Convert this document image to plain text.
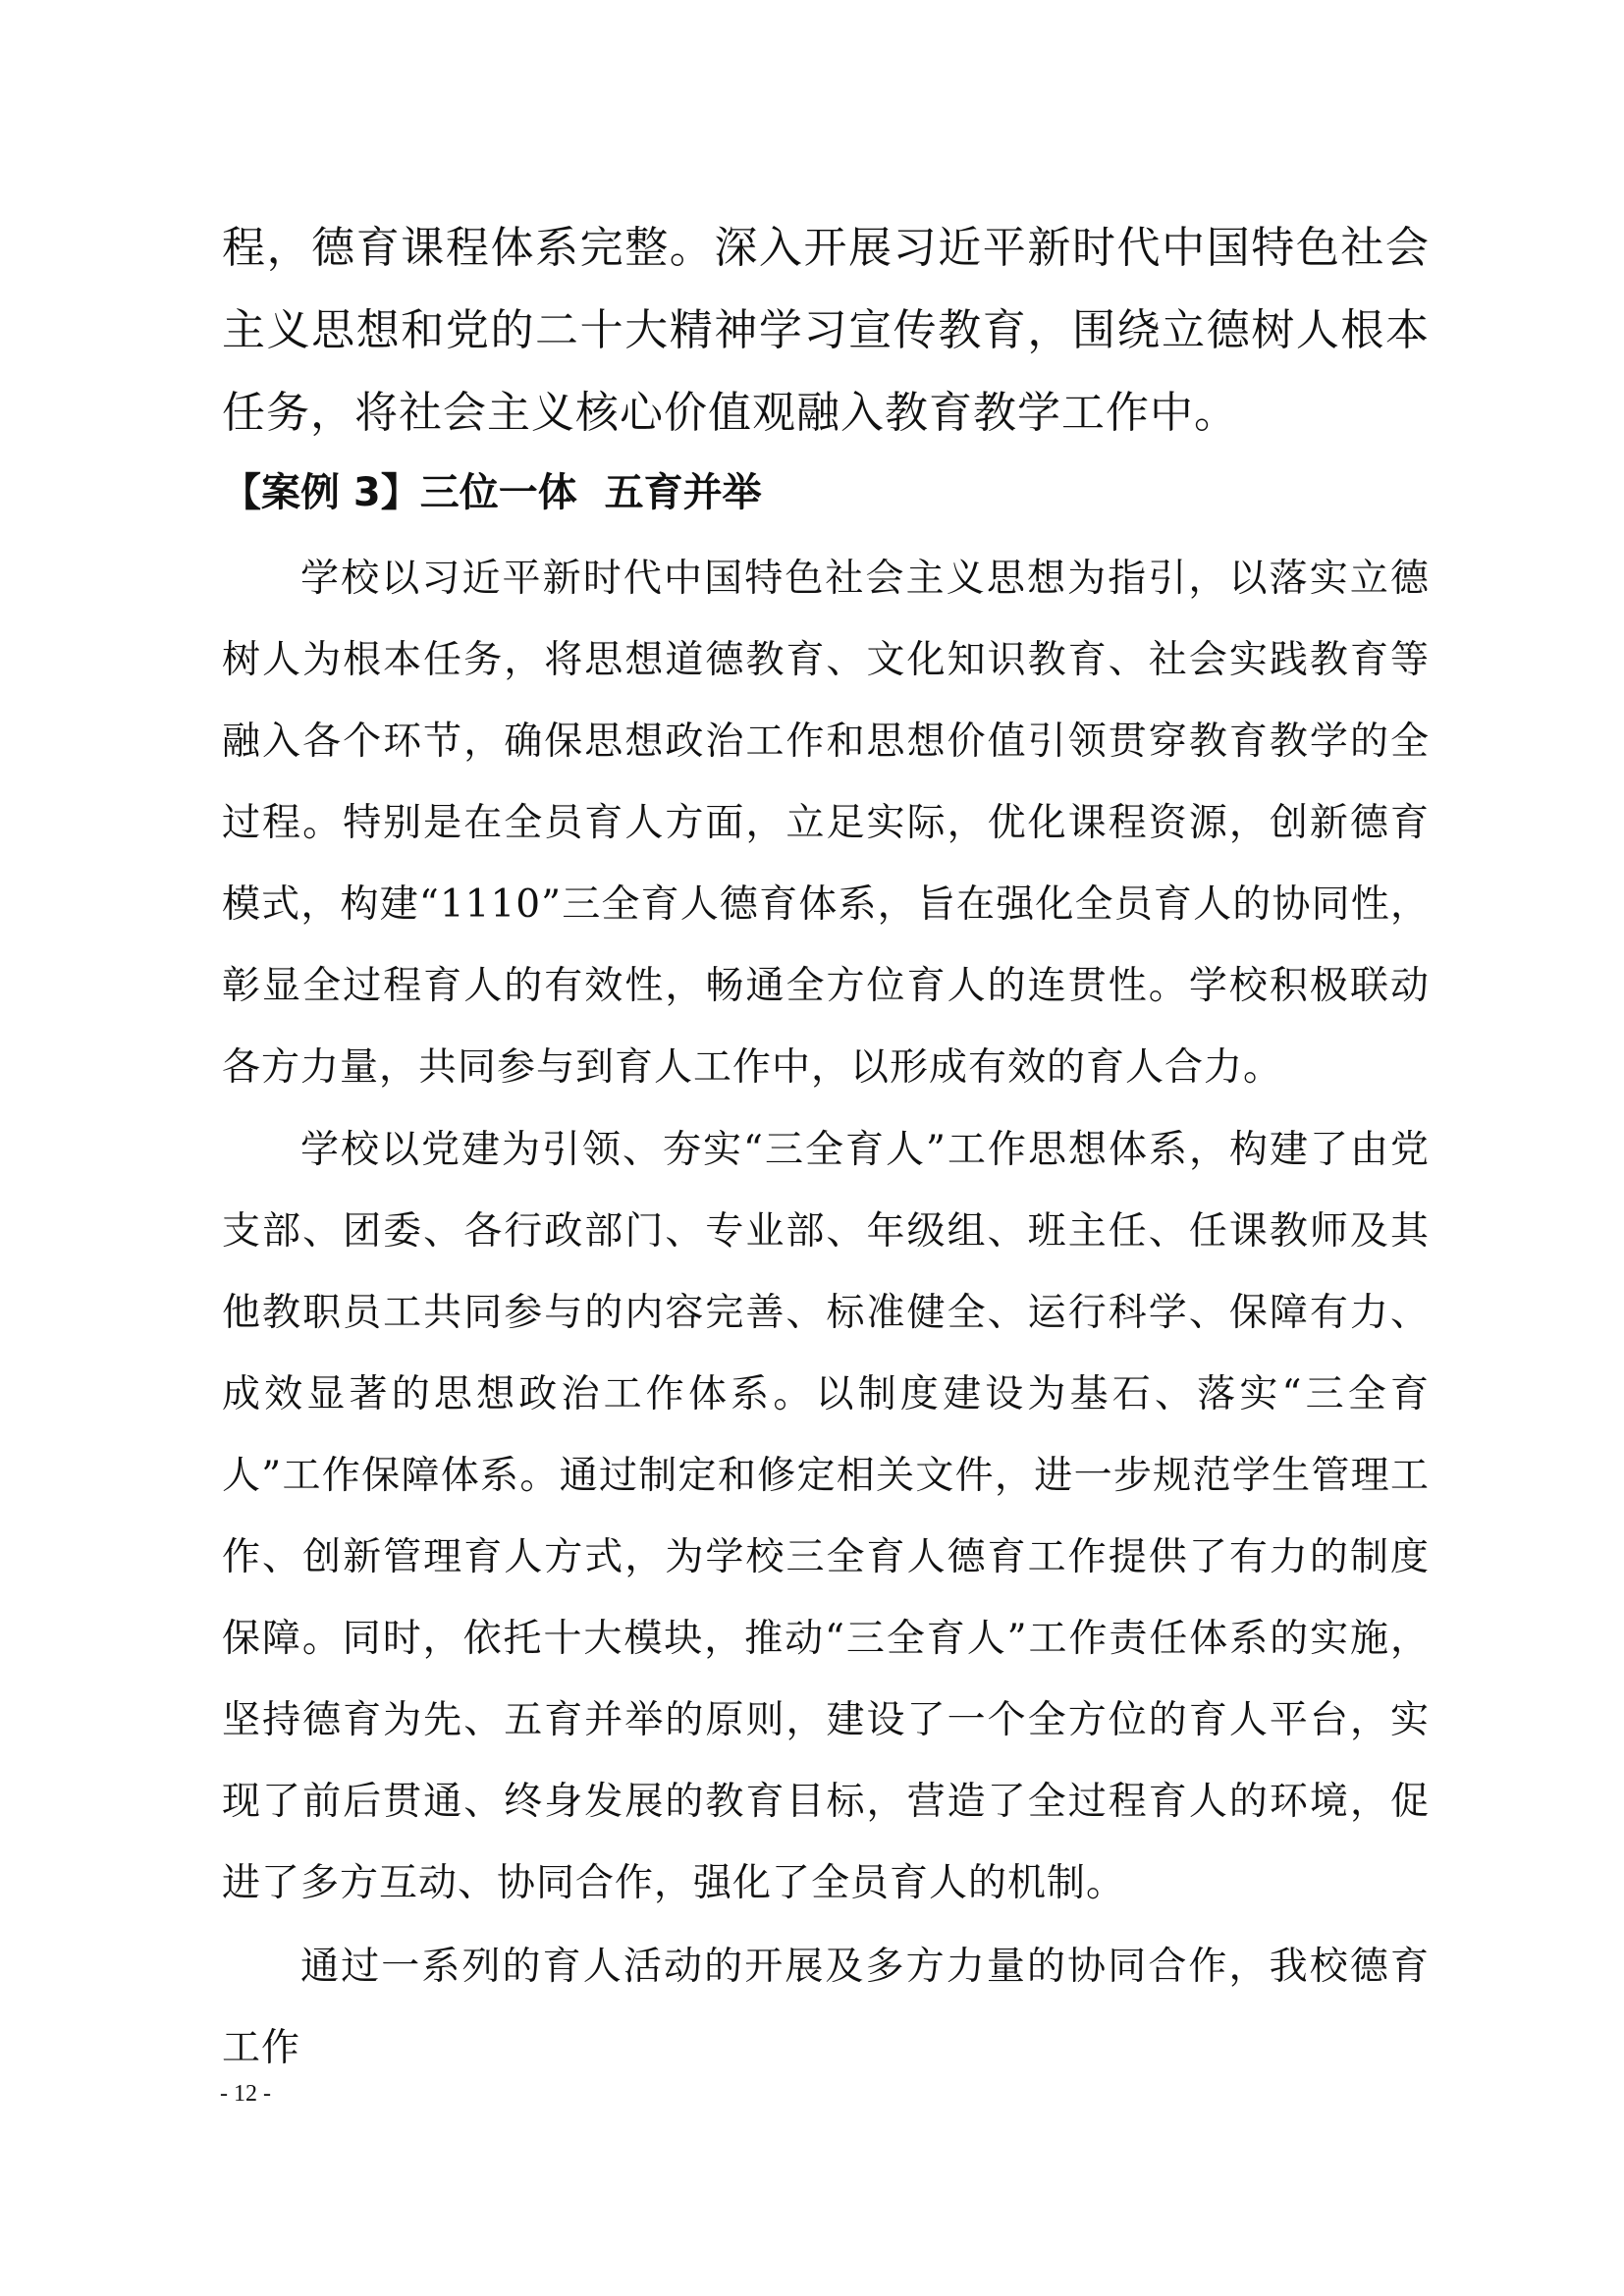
程，德育课程体系完整。深入开展习近平新时代中国特色社会主义思想和党的二十大精神学习宣传教育，围绕立德树人根本任务，将社会主义核心价值观融入教育教学工作中。

【案例 3】三位一体  五育并举

学校以习近平新时代中国特色社会主义思想为指引，以落实立德树人为根本任务，将思想道德教育、文化知识教育、社会实践教育等融入各个环节，确保思想政治工作和思想价值引领贯穿教育教学的全过程。特别是在全员育人方面，立足实际，优化课程资源，创新德育模式，构建“1110”三全育人德育体系，旨在强化全员育人的协同性，彰显全过程育人的有效性，畅通全方位育人的连贯性。学校积极联动各方力量，共同参与到育人工作中，以形成有效的育人合力。

学校以党建为引领、夯实“三全育人”工作思想体系，构建了由党支部、团委、各行政部门、专业部、年级组、班主任、任课教师及其他教职员工共同参与的内容完善、标准健全、运行科学、保障有力、成效显著的思想政治工作体系。以制度建设为基石、落实“三全育人”工作保障体系。通过制定和修定相关文件，进一步规范学生管理工作、创新管理育人方式，为学校三全育人德育工作提供了有力的制度保障。同时，依托十大模块，推动“三全育人”工作责任体系的实施，坚持德育为先、五育并举的原则，建设了一个全方位的育人平台，实现了前后贯通、终身发展的教育目标，营造了全过程育人的环境，促进了多方互动、协同合作，强化了全员育人的机制。

通过一系列的育人活动的开展及多方力量的协同合作，我校德育工作

- 12 -
